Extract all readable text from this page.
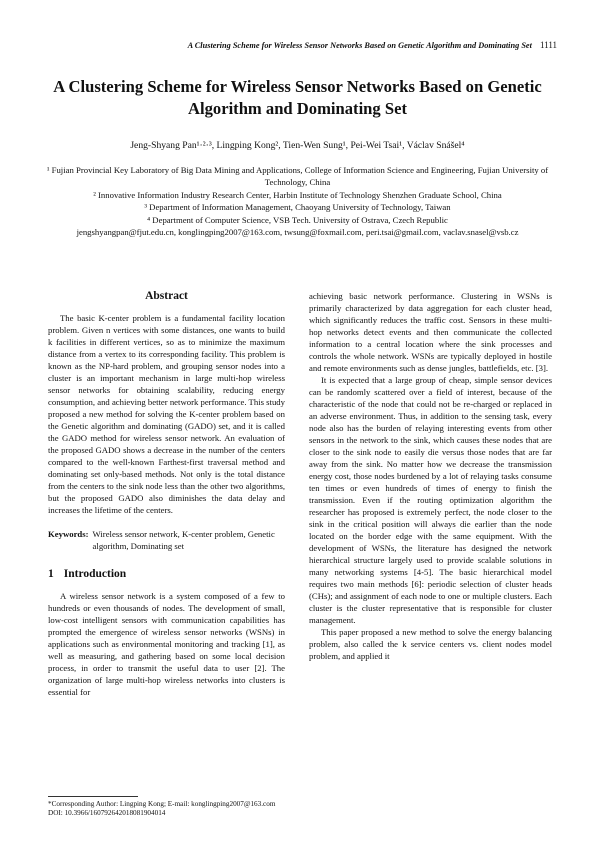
A Clustering Scheme for Wireless Sensor Networks Based on Genetic Algorithm and Dominating Set 1111
A Clustering Scheme for Wireless Sensor Networks Based on Genetic Algorithm and Dominating Set
Jeng-Shyang Pan¹·²·³, Lingping Kong², Tien-Wen Sung¹, Pei-Wei Tsai¹, Václav Snášel⁴
¹ Fujian Provincial Key Laboratory of Big Data Mining and Applications, College of Information Science and Engineering, Fujian University of Technology, China
² Innovative Information Industry Research Center, Harbin Institute of Technology Shenzhen Graduate School, China
³ Department of Information Management, Chaoyang University of Technology, Taiwan
⁴ Department of Computer Science, VSB Tech. University of Ostrava, Czech Republic
jengshyangpan@fjut.edu.cn, konglingping2007@163.com, twsung@foxmail.com, peri.tsai@gmail.com, vaclav.snasel@vsb.cz
Abstract

The basic K-center problem is a fundamental facility location problem. Given n vertices with some distances, one wants to build k facilities in different vertices, so as to minimize the maximum distance from a vertex to its corresponding facility. This problem is known as the NP-hard problem, and grouping sensor nodes into a cluster is an important mechanism in large multi-hop wireless sensor networks for obtaining scalability, reducing energy consumption, and achieving better network performance. This study proposed a new method for solving the K-center problem based on the Genetic algorithm and dominating (GADO) set, and it is called the GADO method for wireless sensor network. An evaluation of the proposed GADO shows a decrease in the number of the centers compared to the well-known Farthest-first traversal method and dominating set only-based methods. Not only is the total distance from the centers to the sink node less than the other two algorithms, but the proposed GADO also diminishes the data delay and increases the lifetime of the centers.

Keywords: Wireless sensor network, K-center problem, Genetic algorithm, Dominating set
1 Introduction

A wireless sensor network is a system composed of a few to hundreds or even thousands of nodes. The development of small, low-cost intelligent sensors with communication capabilities has prompted the emergence of wireless sensor networks (WSNs) in applications such as environmental monitoring and tracking [1], as well as measuring, and gathering based on some local decision process, in order to transmit the useful data to user [2]. The organization of large multi-hop wireless networks into clusters is essential for

achieving basic network performance. Clustering in WSNs is primarily characterized by data aggregation for each cluster head, which significantly reduces the traffic cost. Sensors in these multi-hop networks detect events and then communicate the collected information to a central location where the sink processes and controls the whole network. WSNs are typically deployed in hostile and remote environments such as dense jungles, battlefields, etc. [3].

It is expected that a large group of cheap, simple sensor devices can be randomly scattered over a field of interest, because of the characteristic of the node that could not be re-charged or replaced in an adverse environment. Thus, in addition to the sensing task, every node also has the burden of relaying interesting events from other sensors in the network to the sink, which causes these nodes that are closer to the sink node to easily die versus those nodes that are far away from the sink. No matter how we decrease the transmission energy cost, those nodes burdened by a lot of relaying tasks consume ten times or even hundreds of times of energy to finish the transmission. Even if the routing optimization algorithm the researcher has proposed is extremely perfect, the node closer to the sink in the critical position will always die earlier than the node located on the border edge with the same equipment. With the development of WSNs, the literature has designed the network hierarchical structure largely used to provide scalable solutions in many networking systems [4-5]. The basic hierarchical model requires two main methods [6]: periodic selection of cluster heads (CHs); and assignment of each node to one or multiple clusters. Each cluster is the cluster representative that is responsible for cluster management.

This paper proposed a new method to solve the energy balancing problem, also called the k service centers vs. client nodes model problem, and applied it

*Corresponding Author: Lingping Kong; E-mail: konglingping2007@163.com
DOI: 10.3966/160792642018081904014
